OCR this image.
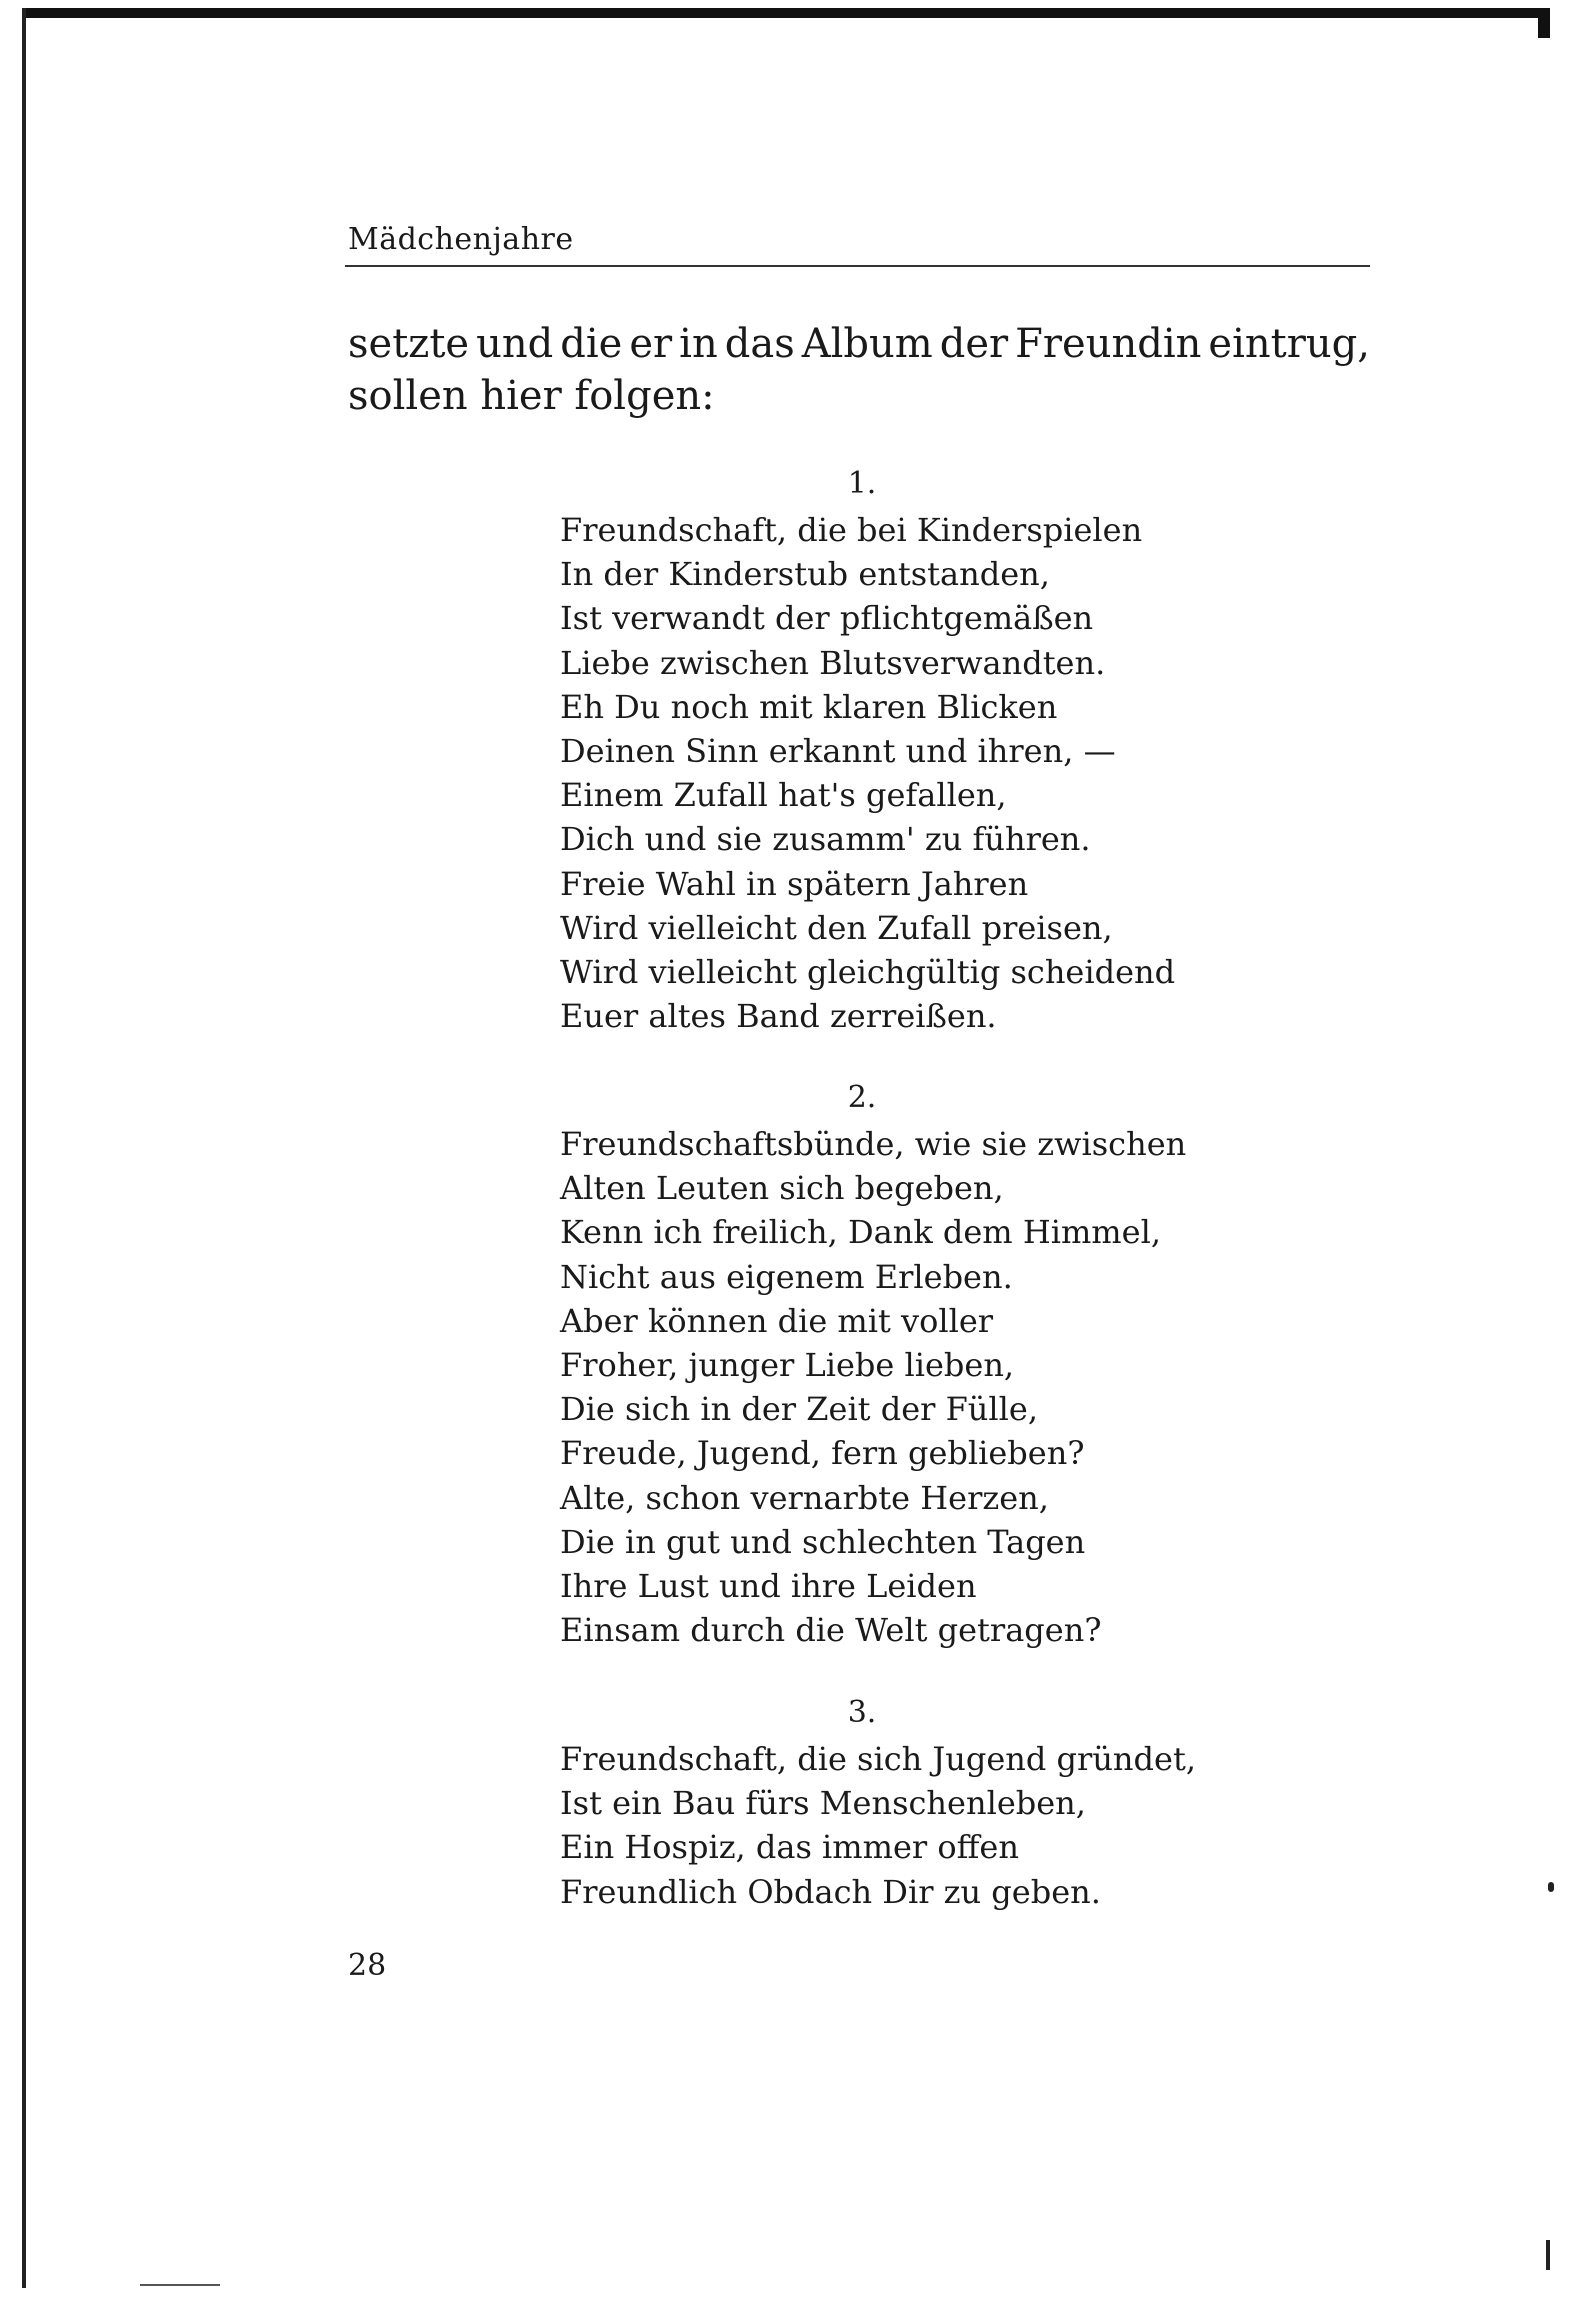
Mädchenjahre
setzte und die er in das Album der Freundin eintrug,
sollen hier folgen:
1.
Freundschaft, die bei Kinderspielen
In der Kinderstub entstanden,
Ist verwandt der pflichtgemäßen
Liebe zwischen Blutsverwandten.
Eh Du noch mit klaren Blicken
Deinen Sinn erkannt und ihren, —
Einem Zufall hat's gefallen,
Dich und sie zusamm' zu führen.
Freie Wahl in spätern Jahren
Wird vielleicht den Zufall preisen,
Wird vielleicht gleichgültig scheidend
Euer altes Band zerreißen.
2.
Freundschaftsbünde, wie sie zwischen
Alten Leuten sich begeben,
Kenn ich freilich, Dank dem Himmel,
Nicht aus eigenem Erleben.
Aber können die mit voller
Froher, junger Liebe lieben,
Die sich in der Zeit der Fülle,
Freude, Jugend, fern geblieben?
Alte, schon vernarbte Herzen,
Die in gut und schlechten Tagen
Ihre Lust und ihre Leiden
Einsam durch die Welt getragen?
3.
Freundschaft, die sich Jugend gründet,
Ist ein Bau fürs Menschenleben,
Ein Hospiz, das immer offen
Freundlich Obdach Dir zu geben.
28
